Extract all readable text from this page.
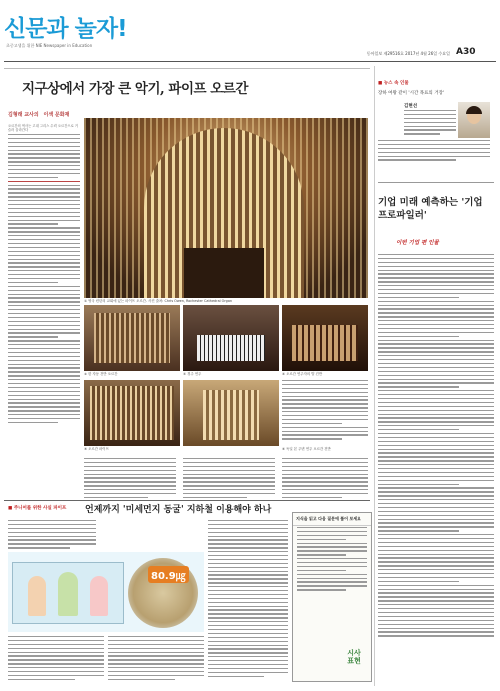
신문과 놀자!
초중고생을 위한 NIE Newspaper in Education
동아일보 제29516호 2017년 4월 26일 수요일 A30
지구상에서 가장 큰 악기, 파이프 오르간
김형래 교사의 이색 문화재
오르간의 역사는 고대 그리스 수력 오르간으로 거슬러 올라간다
① 영국 런던의 교회에 있는 파이프 오르간. 사진 출처: Chris Owen, Rochester Cathedral Organ
② 한 자동 건반 오르간	③ 경주 연주	④ 오르간 연주자의 발 건반
⑤ 오르간 파이프	⑥ 독일 본 주변 연주 오르간 건반
■ 주니어를 위한 사실 파이프 언제까지 '미세먼지 동굴' 지하철 이용해야 하나
80.9㎍
지식을 읽고 다음 질문에 풀어 보세요
시사
표현
■ 뉴스 속 인물
장하 여왕 같이 '시간 목표의 거장'
김현선
기업 미래 예측하는 '기업 프로파일러'
이번 기업 편 인물
